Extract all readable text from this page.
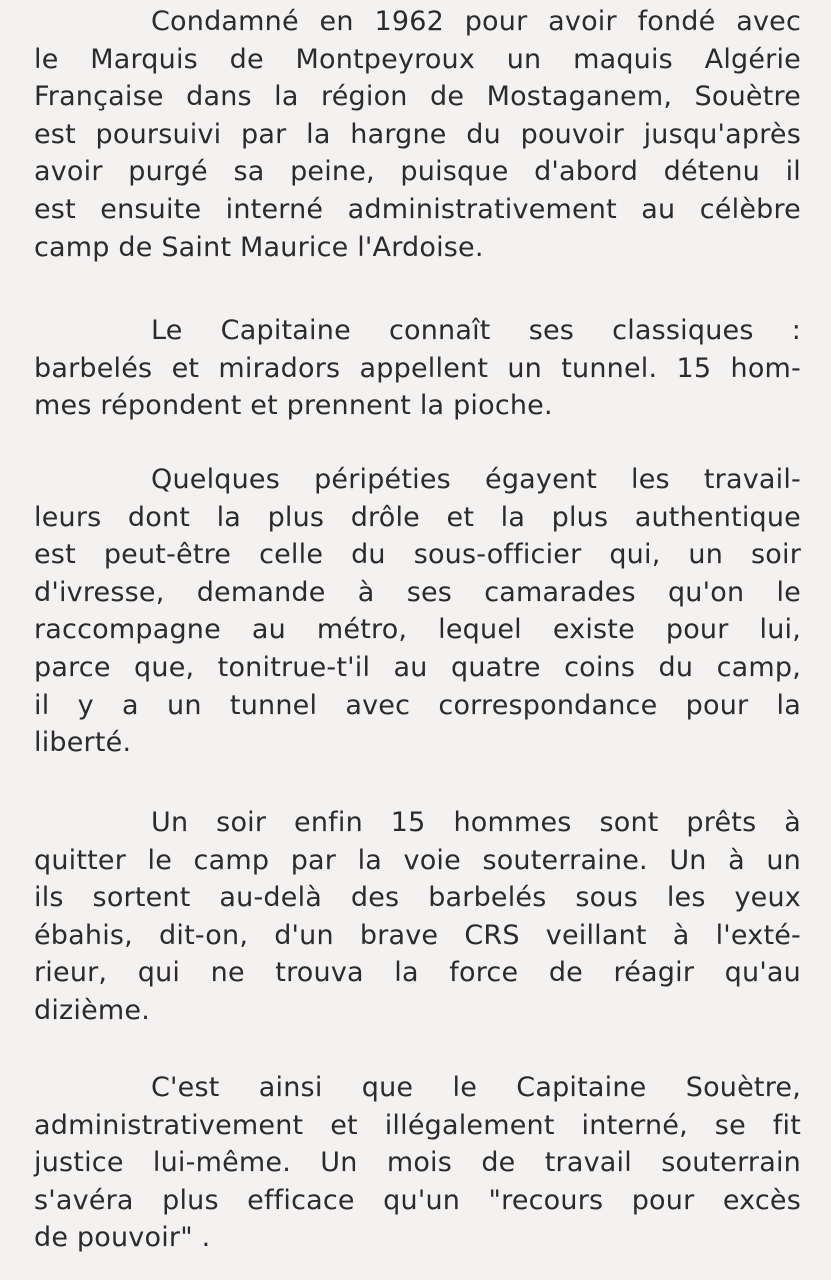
Condamné en 1962 pour avoir fondé avec
le Marquis de Montpeyroux un maquis Algérie
Française dans la région de Mostaganem, Souètre
est poursuivi par la hargne du pouvoir jusqu'après
avoir purgé sa peine, puisque d'abord détenu il
est ensuite interné administrativement au célèbre
camp de Saint Maurice l'Ardoise.
Le Capitaine connaît ses classiques :
barbelés et miradors appellent un tunnel. 15 hom-
mes répondent et prennent la pioche.
Quelques péripéties égayent les travail-
leurs dont la plus drôle et la plus authentique
est peut-être celle du sous-officier qui, un soir
d'ivresse, demande à ses camarades qu'on le
raccompagne au métro, lequel existe pour lui,
parce que, tonitrue-t'il au quatre coins du camp,
il y a un tunnel avec correspondance pour la
liberté.
Un soir enfin 15 hommes sont prêts à
quitter le camp par la voie souterraine. Un à un
ils sortent au-delà des barbelés sous les yeux
ébahis, dit-on, d'un brave CRS veillant à l'exté-
rieur, qui ne trouva la force de réagir qu'au
dizième.
C'est ainsi que le Capitaine Souètre,
administrativement et illégalement interné, se fit
justice lui-même. Un mois de travail souterrain
s'avéra plus efficace qu'un "recours pour excès
de pouvoir" .
